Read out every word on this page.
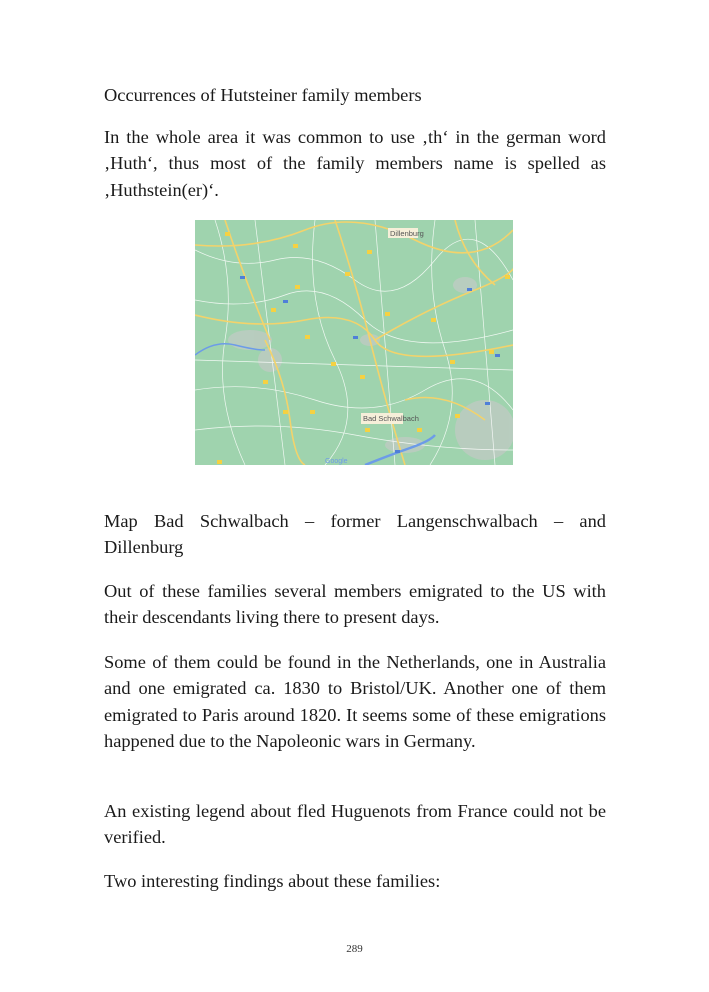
Occurrences of Hutsteiner family members

In the whole area it was common to use ‚th‘ in the german word ‚Huth‘, thus most of the family members name is spelled as ‚Huthstein(er)‘.

Dillenburg
Bad Schwalbach
Google

Map Bad Schwalbach – former Langenschwalbach – and Dillenburg

Out of these families several members emigrated to the US with their descendants living there to present days.

Some of them could be found in the Netherlands, one in Australia and one emigrated ca. 1830 to Bristol/UK. Another one of them emigrated to Paris around 1820. It seems some of these emigrations happened due to the Napoleonic wars in Germany.

An existing legend about fled Huguenots from France could not be verified.

Two interesting findings about these families:

289
